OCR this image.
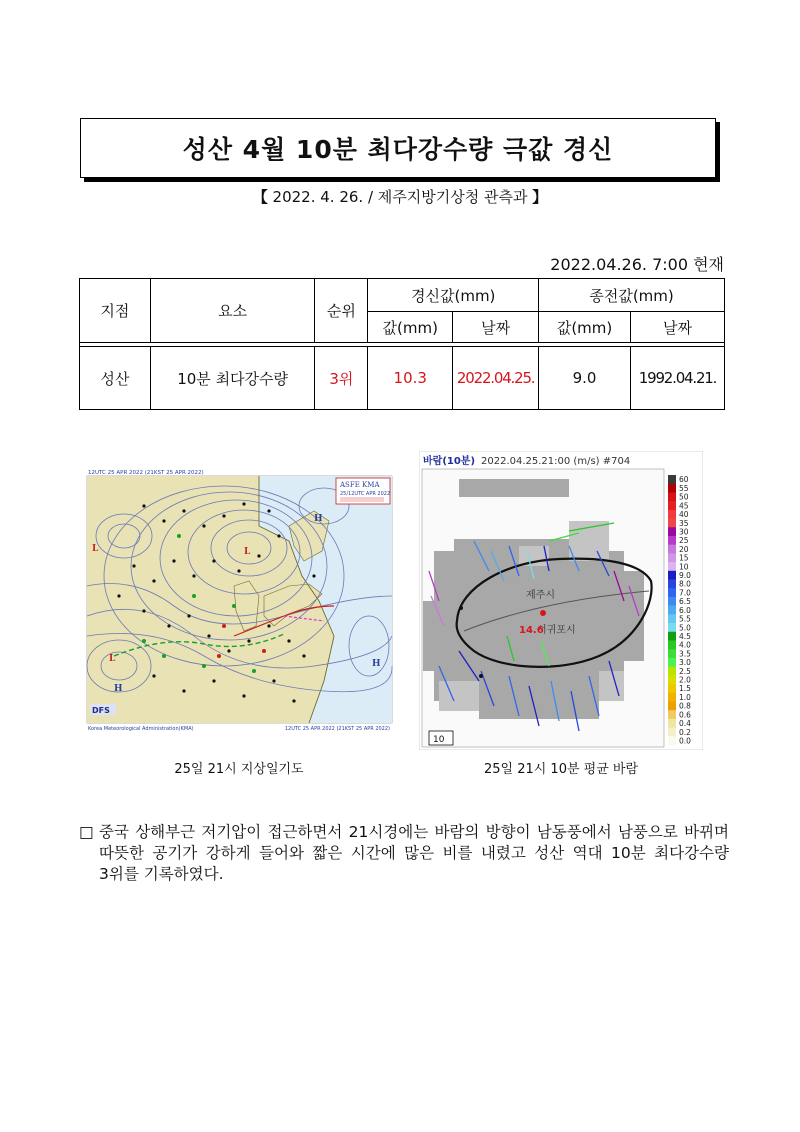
성산 4월 10분 최다강수량 극값 경신
【 2022. 4. 26. / 제주지방기상청 관측과 】
2022.04.26. 7:00 현재
지점	요소	순위	경신값(mm)		종전값(mm)	
			값(mm)	날짜	값(mm)	날짜

성산	10분 최다강수량	3위	10.3	2022.04.25.	9.0	1992.04.21.
12UTC 25 APR 2022 (21KST 25 APR 2022)
ASFE KMA
25/12UTC APR 2022
H
H
H
L	L
L
DFS
Korea Meteorological Administration(KMA)	12UTC 25 APR 2022 (21KST 25 APR 2022)
25일 21시 지상일기도
바람(10분) 2022.04.25.21:00 (m/s) #704
제주시
서귀포시
14.6
10
60
55
50
45
40
35
30
25
20
15
10
9.0
8.0
7.0
6.5
6.0
5.5
5.0
4.5
4.0
3.5
3.0
2.5
2.0
1.5
1.0
0.8
0.6
0.4
0.2
0.0
25일 21시 10분 평균 바람
□ 중국 상해부근 저기압이 접근하면서 21시경에는 바람의 방향이 남동풍에서 남풍으로 바뀌며 따뜻한 공기가 강하게 들어와 짧은 시간에 많은 비를 내렸고 성산 역대 10분 최다강수량 3위를 기록하였다.
